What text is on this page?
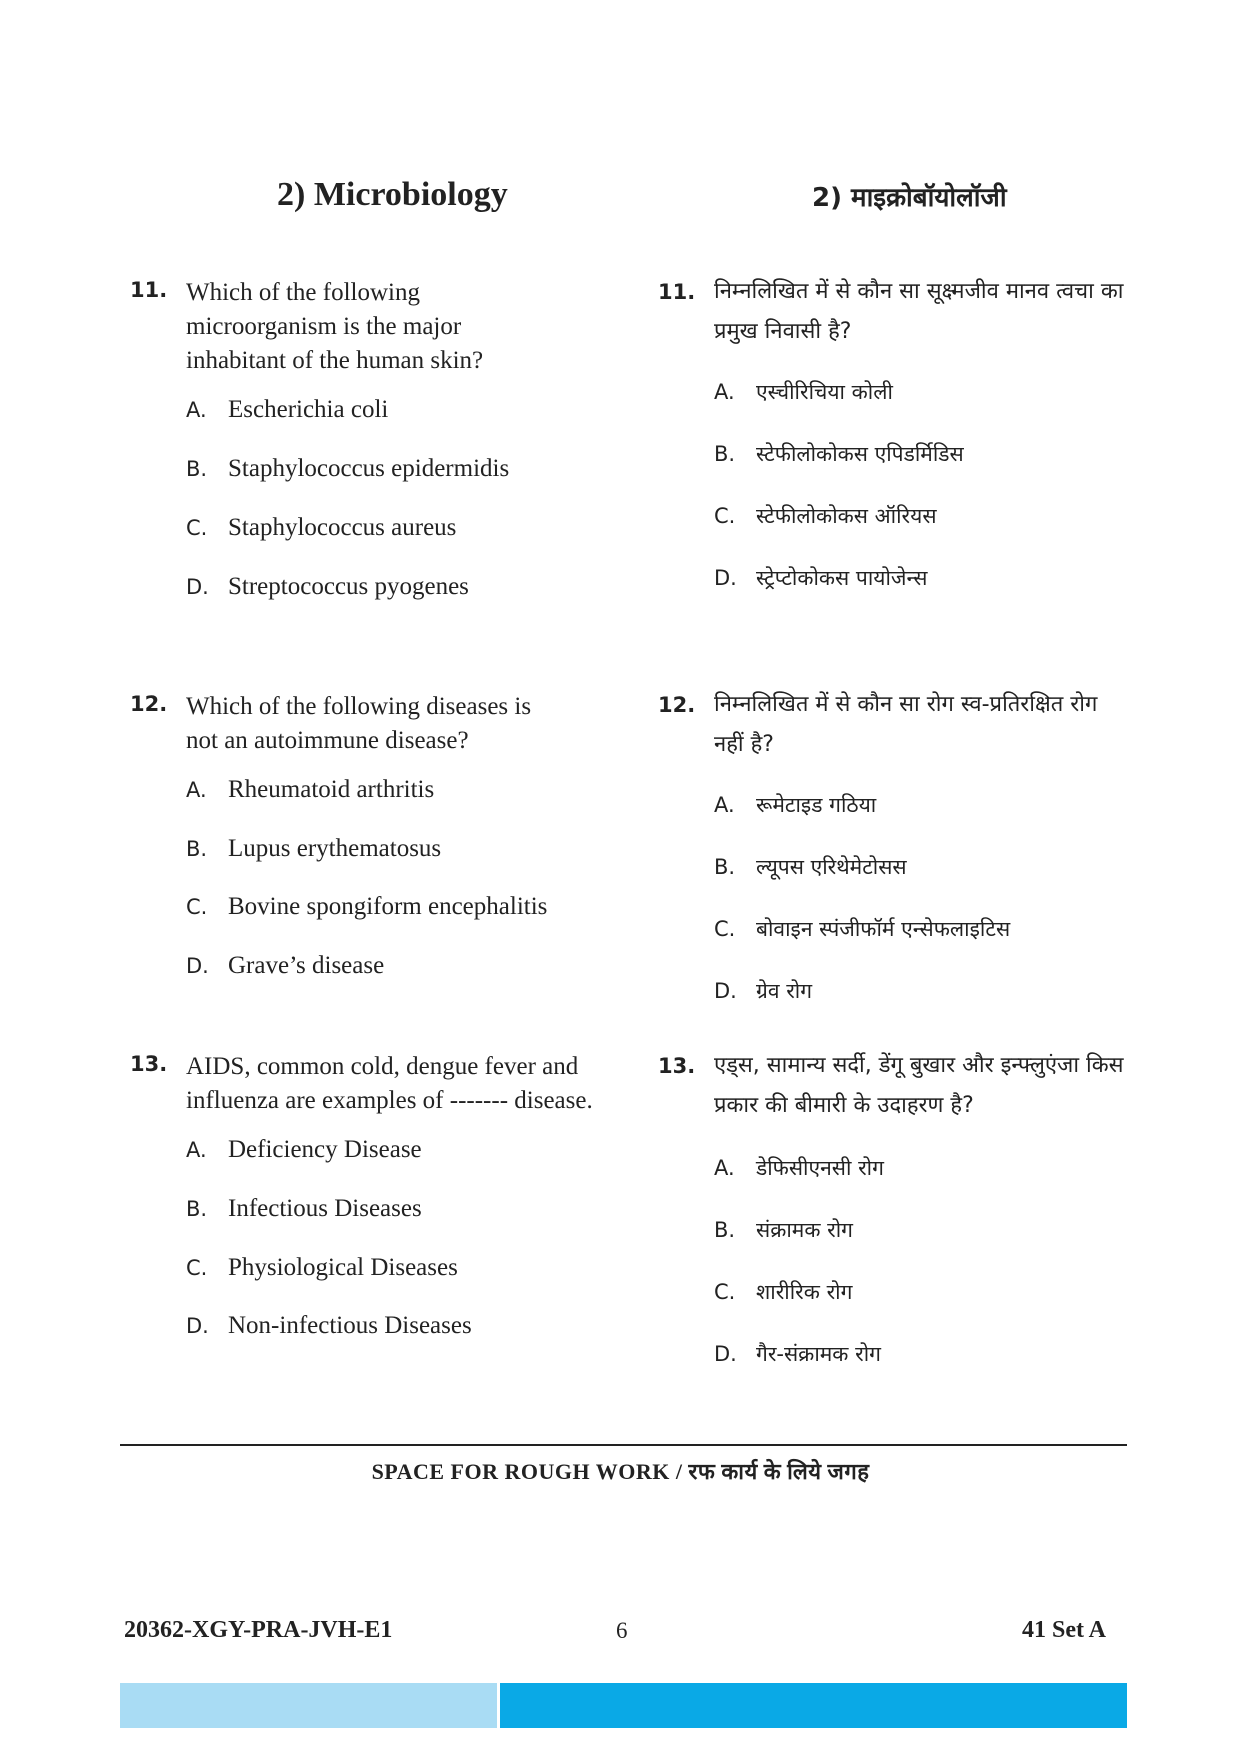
2) Microbiology	2) माइक्रोबॉयोलॉजी
11. Which of the following microorganism is the major inhabitant of the human skin?
A. Escherichia coli
B. Staphylococcus epidermidis
C. Staphylococcus aureus
D. Streptococcus pyogenes
12. Which of the following diseases is not an autoimmune disease?
A. Rheumatoid arthritis
B. Lupus erythematosus
C. Bovine spongiform encephalitis
D. Grave’s disease
13. AIDS, common cold, dengue fever and influenza are examples of ------- disease.
A. Deficiency Disease
B. Infectious Diseases
C. Physiological Diseases
D. Non-infectious Diseases
11. निम्नलिखित में से कौन सा सूक्ष्मजीव मानव त्वचा का प्रमुख निवासी है?
A. एस्चीरिचिया कोली
B. स्टेफीलोकोकस एपिडर्मिडिस
C. स्टेफीलोकोकस ऑरियस
D. स्ट्रेप्टोकोकस पायोजेन्स
12. निम्नलिखित में से कौन सा रोग स्व-प्रतिरक्षित रोग नहीं है?
A. रूमेटाइड गठिया
B. ल्यूपस एरिथेमेटोसस
C. बोवाइन स्पंजीफॉर्म एन्सेफलाइटिस
D. ग्रेव रोग
13. एड्स, सामान्य सर्दी, डेंगू बुखार और इन्फ्लुएंजा किस प्रकार की बीमारी के उदाहरण है?
A. डेफिसीएनसी रोग
B. संक्रामक रोग
C. शारीरिक रोग
D. गैर-संक्रामक रोग
SPACE FOR ROUGH WORK / रफ कार्य के लिये जगह
20362-XGY-PRA-JVH-E1	6	41 Set A
